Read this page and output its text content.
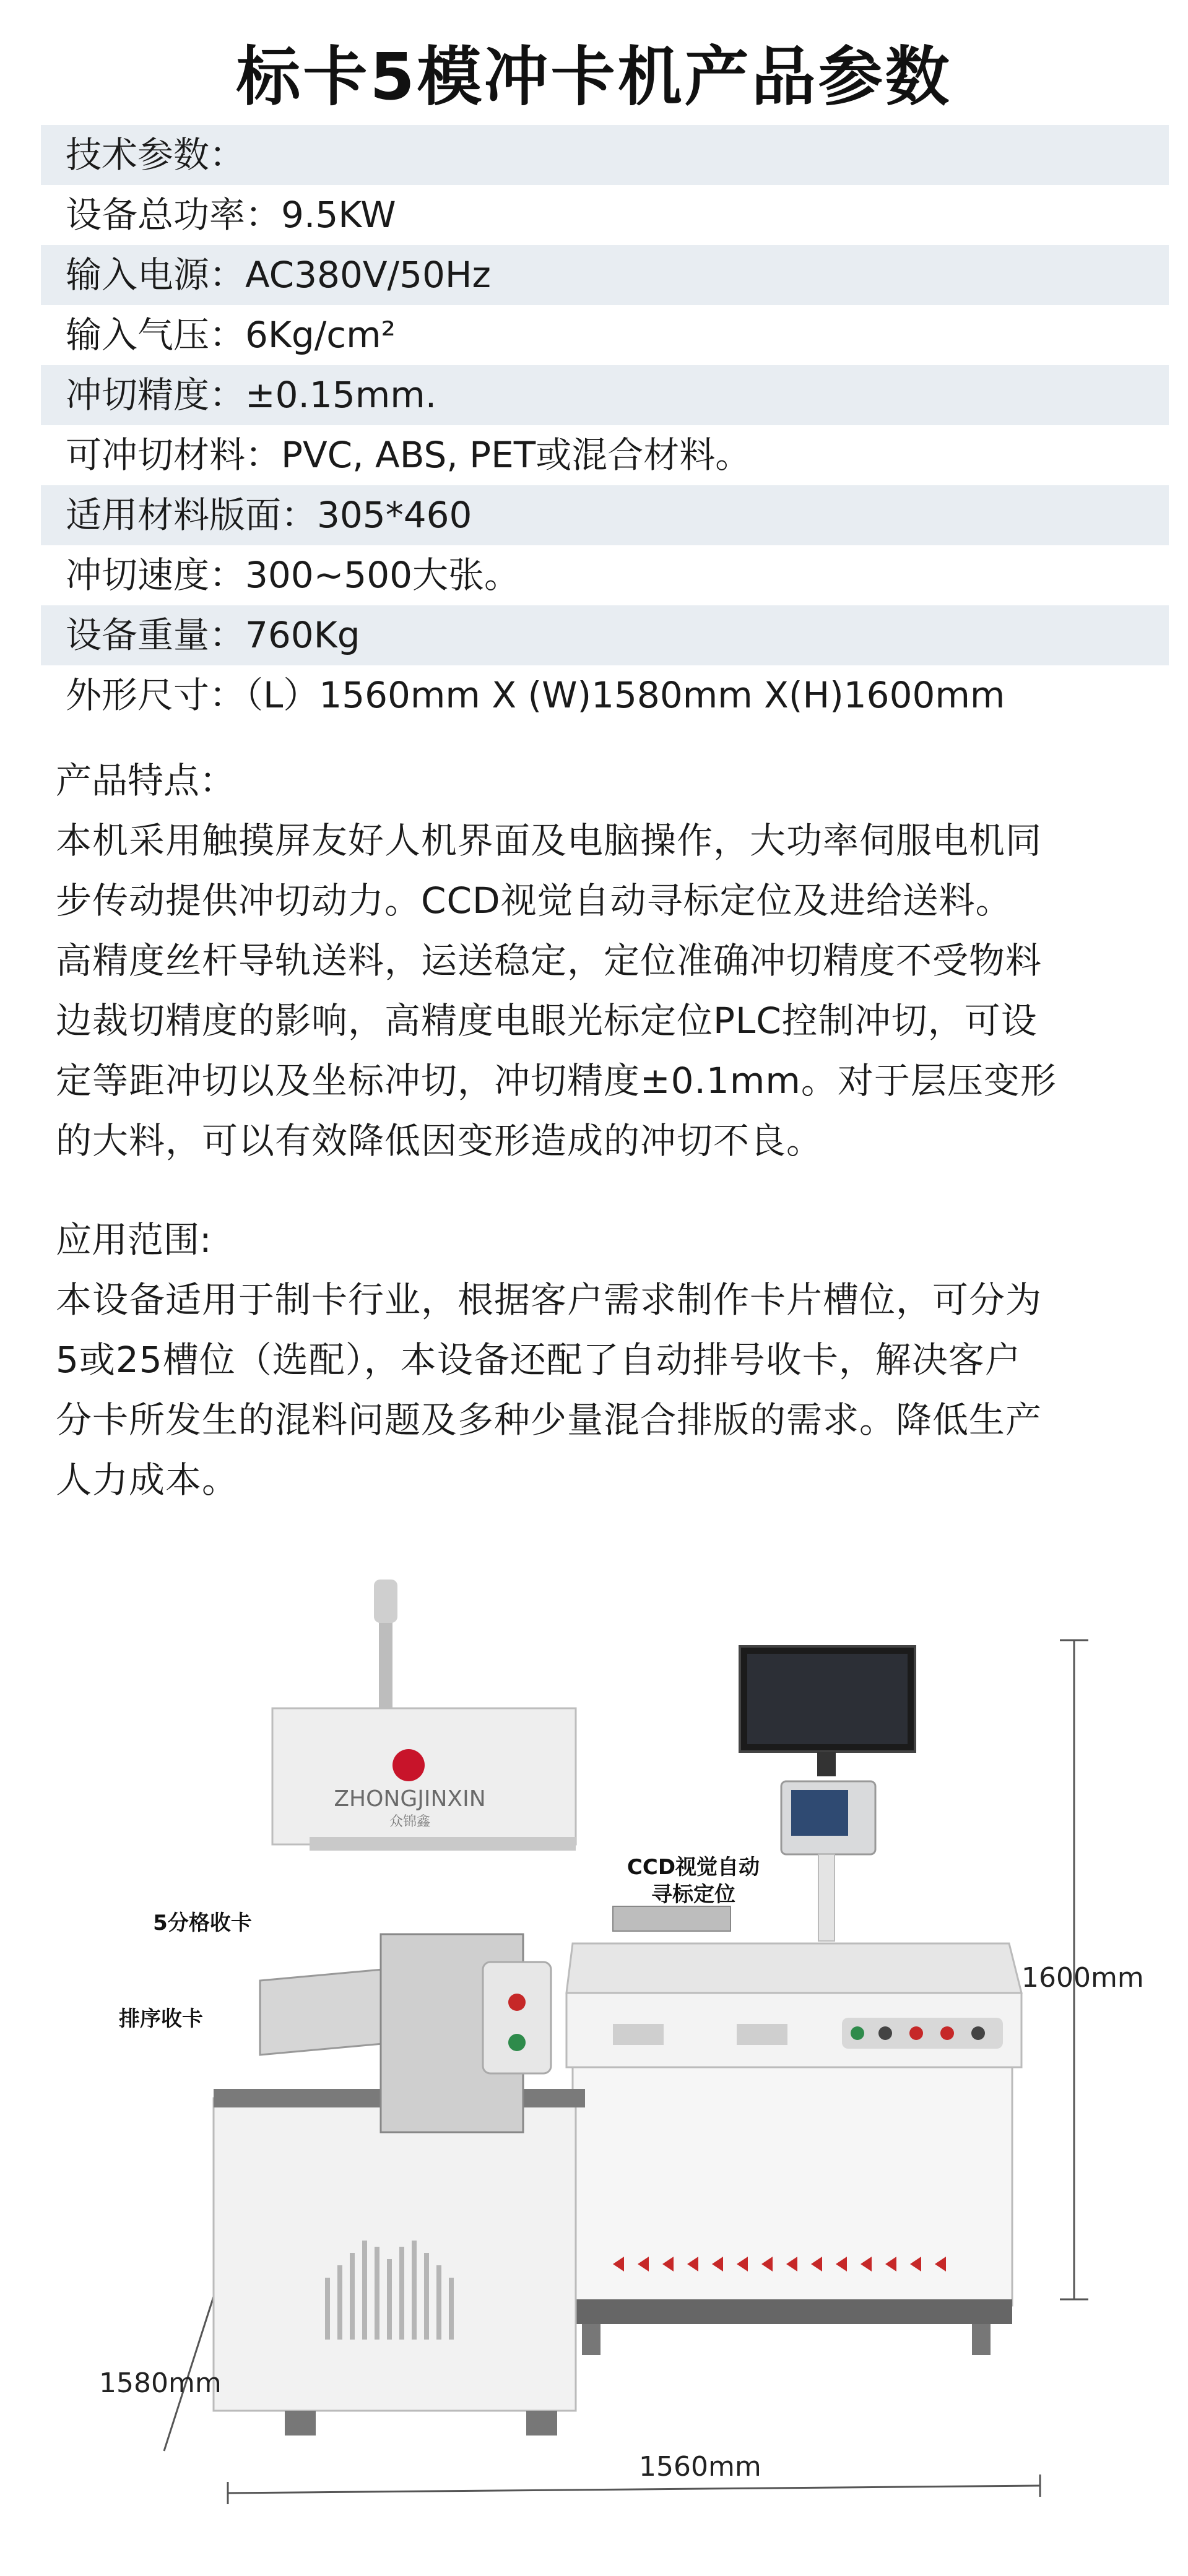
标卡5模冲卡机产品参数
技术参数：
设备总功率：9.5KW
输入电源：AC380V/50Hz
输入气压：6Kg/cm²
冲切精度：±0.15mm.
可冲切材料：PVC, ABS, PET或混合材料。
适用材料版面：305*460
冲切速度：300~500大张。
设备重量：760Kg
外形尺寸：（L）1560mm X (W)1580mm X(H)1600mm
产品特点：
本机采用触摸屏友好人机界面及电脑操作，大功率伺服电机同
步传动提供冲切动力。CCD视觉自动寻标定位及进给送料。
高精度丝杆导轨送料，运送稳定，定位准确冲切精度不受物料
边裁切精度的影响，高精度电眼光标定位PLC控制冲切，可设
定等距冲切以及坐标冲切，冲切精度±0.1mm。对于层压变形
的大料，可以有效降低因变形造成的冲切不良。
应用范围:
本设备适用于制卡行业，根据客户需求制作卡片槽位，可分为
5或25槽位（选配），本设备还配了自动排号收卡，解决客户
分卡所发生的混料问题及多种少量混合排版的需求。降低生产
人力成本。
ZHONGJINXIN
众锦鑫
CCD视觉自动
寻标定位
5分格收卡
排序收卡
1600mm
1580mm
1560mm
